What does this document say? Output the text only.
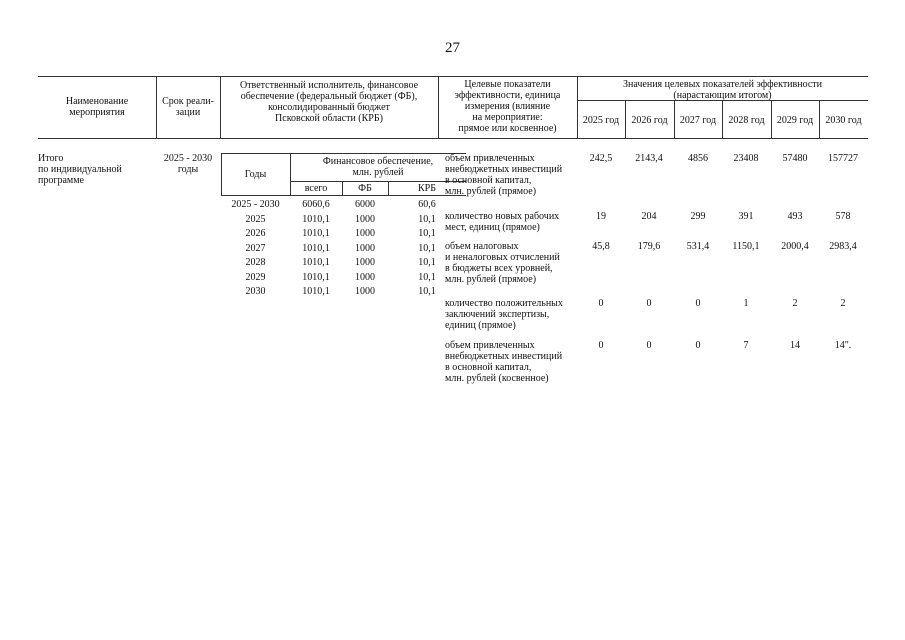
27
Наименование
мероприятия
Срок реали-
зации
Ответственный исполнитель, финансовое
обеспечение (федеральный бюджет (ФБ),
консолидированный бюджет
Псковской области (КРБ)
Целевые показатели
эффективности, единица
измерения (влияние
на мероприятие:
прямое или косвенное)
Значения целевых показателей эффективности
(нарастающим итогом)
2025 год	2026 год	2027 год	2028 год	2029 год	2030 год
Итого
по индивидуальной
программе
2025 - 2030
годы	Годы
Финансовое обеспечение,
млн. рублей
всего	ФБ	КРБ
2025 - 2030	6060,6	6000	60,6
2025	1010,1	1000	10,1
2026	1010,1	1000	10,1
2027	1010,1	1000	10,1
2028	1010,1	1000	10,1
2029	1010,1	1000	10,1
2030	1010,1	1000	10,1
объем привлеченных
внебюджетных инвестиций
в основной капитал,
млн. рублей (прямое)
242,5	2143,4	4856	23408	57480	157727
количество новых рабочих
мест, единиц (прямое)
19	204	299	391	493	578
объем налоговых
и неналоговых отчислений
в бюджеты всех уровней,
млн. рублей (прямое)
45,8	179,6	531,4	1150,1	2000,4	2983,4
количество положительных
заключений экспертизы,
единиц (прямое)
0	0	0	1	2	2
объем привлеченных
внебюджетных инвестиций
в основной капитал,
млн. рублей (косвенное)
0	0	0	7	14	14".
